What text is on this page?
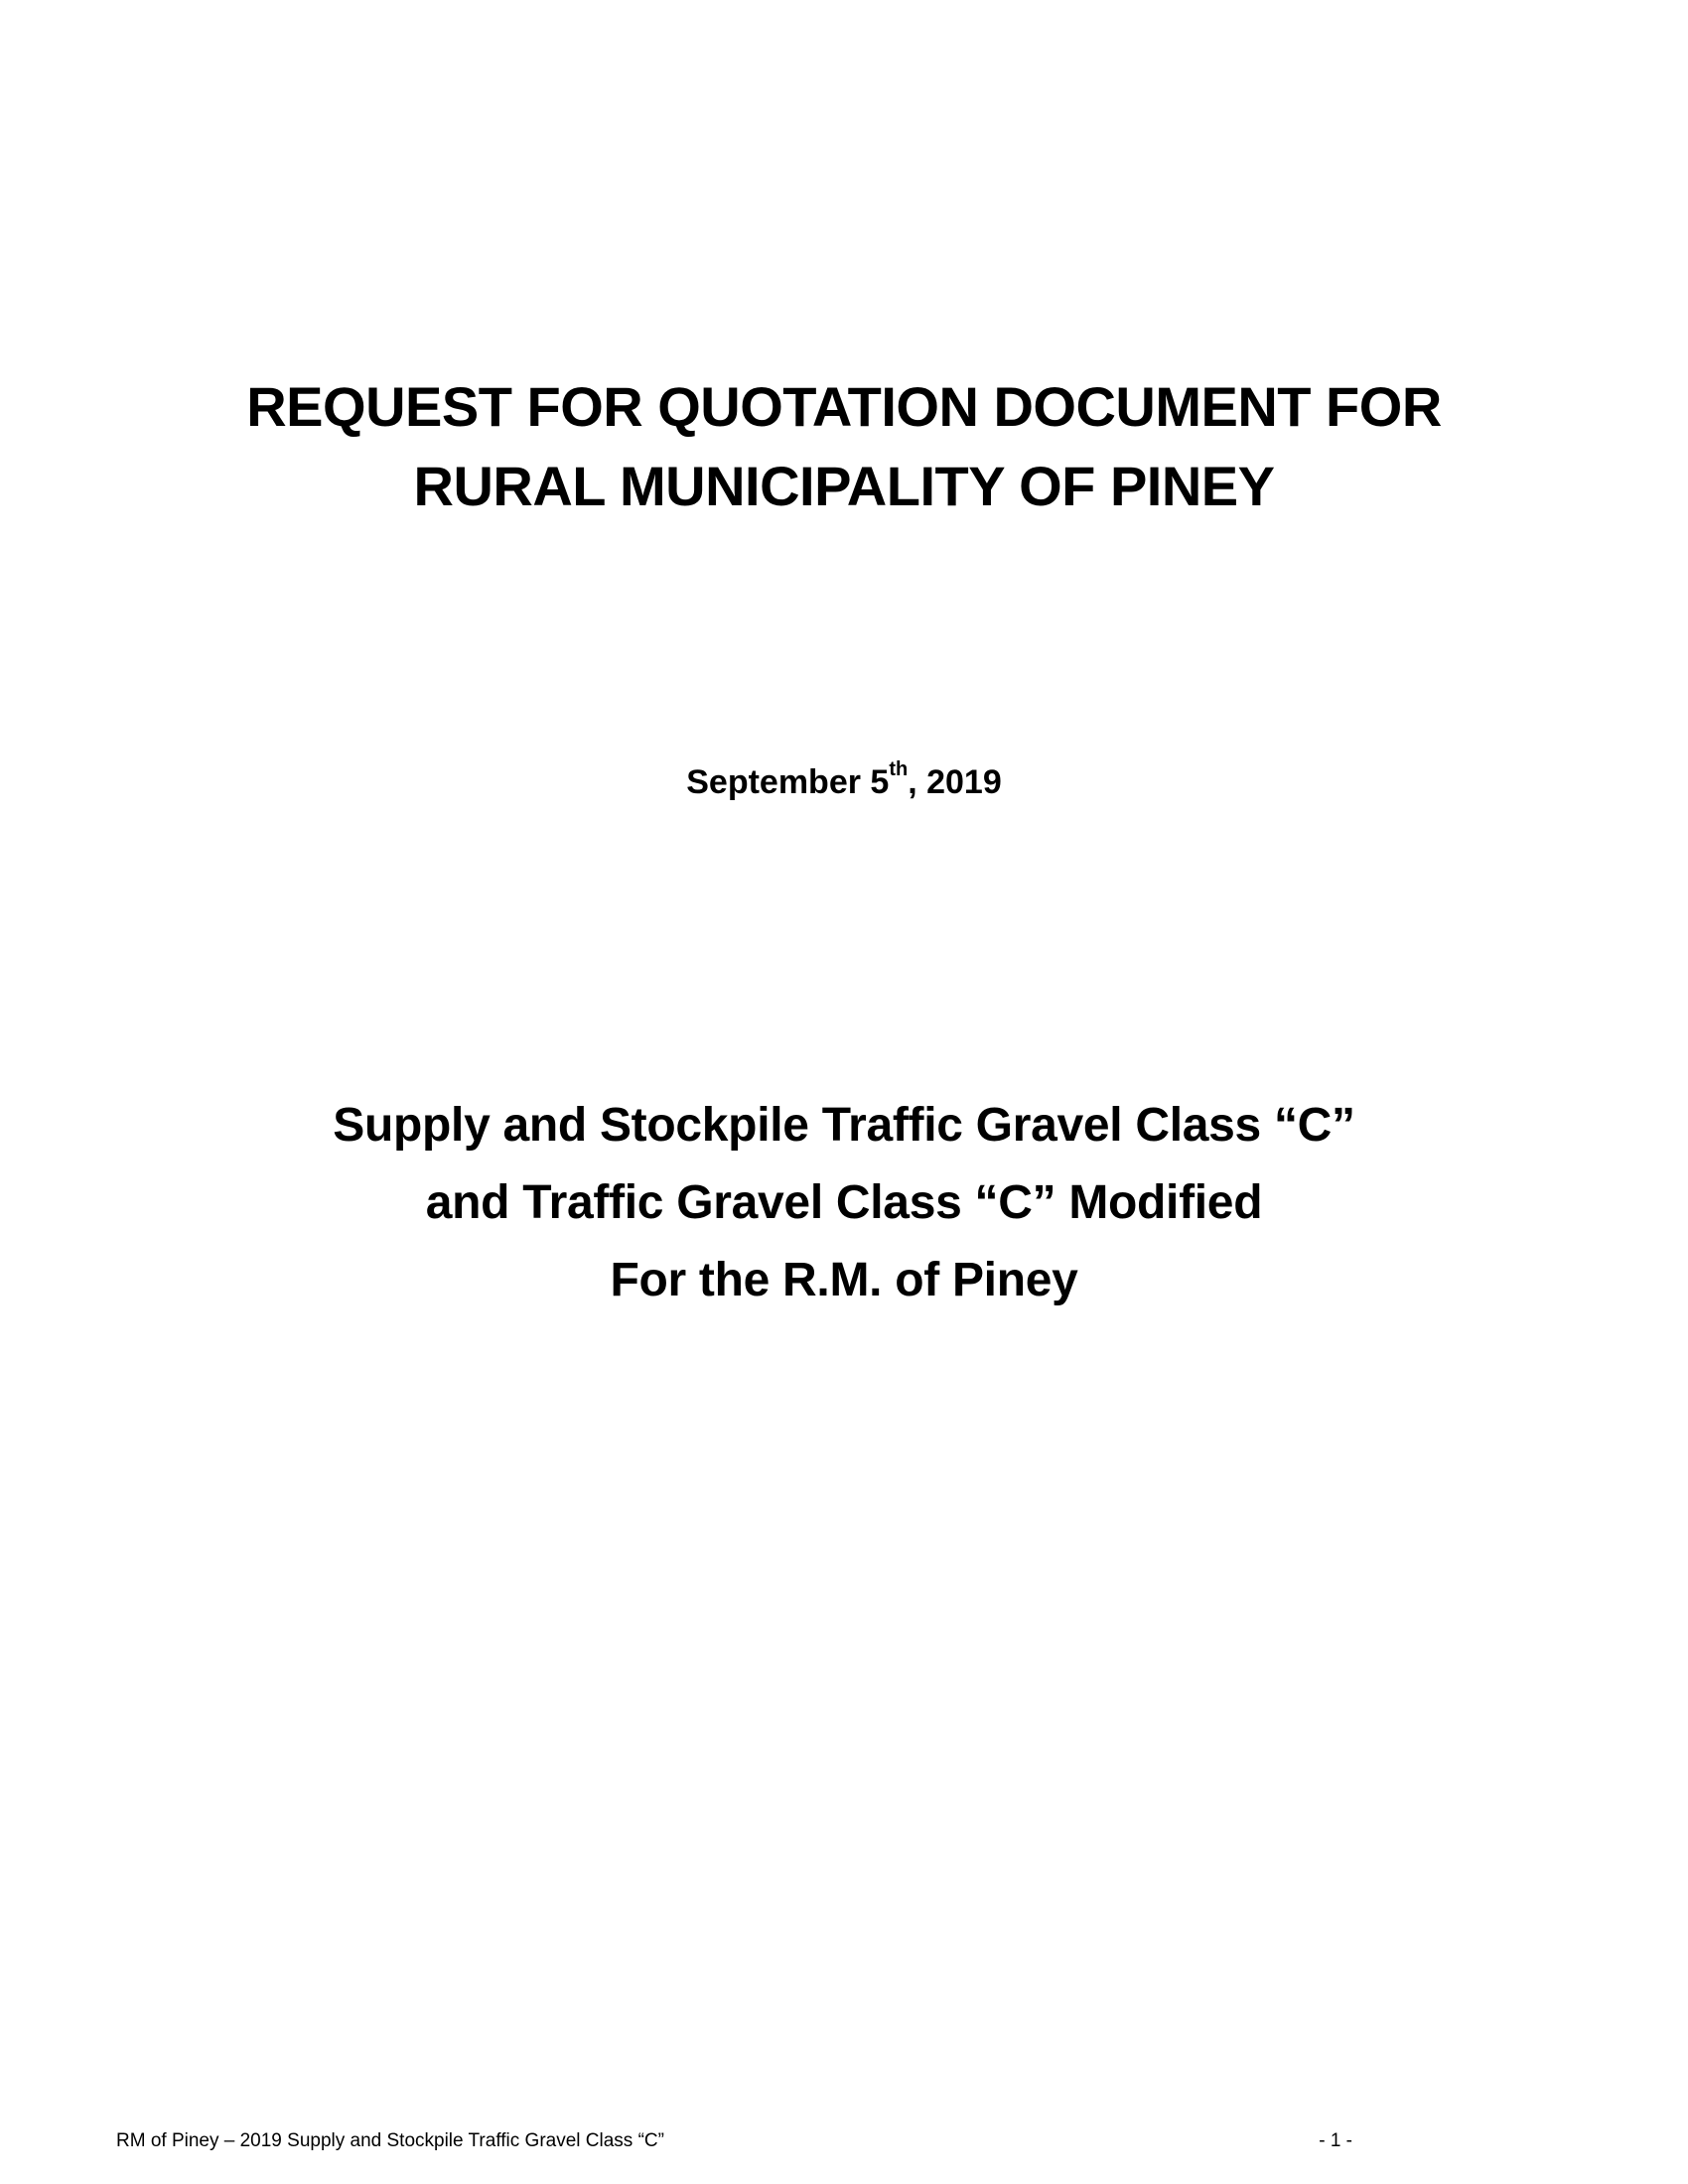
REQUEST FOR QUOTATION DOCUMENT FOR
RURAL MUNICIPALITY OF PINEY
September 5th, 2019
Supply and Stockpile Traffic Gravel Class “C”
and Traffic Gravel Class “C” Modified
For the R.M. of Piney
RM of Piney – 2019 Supply and Stockpile Traffic Gravel Class “C”	- 1 -
